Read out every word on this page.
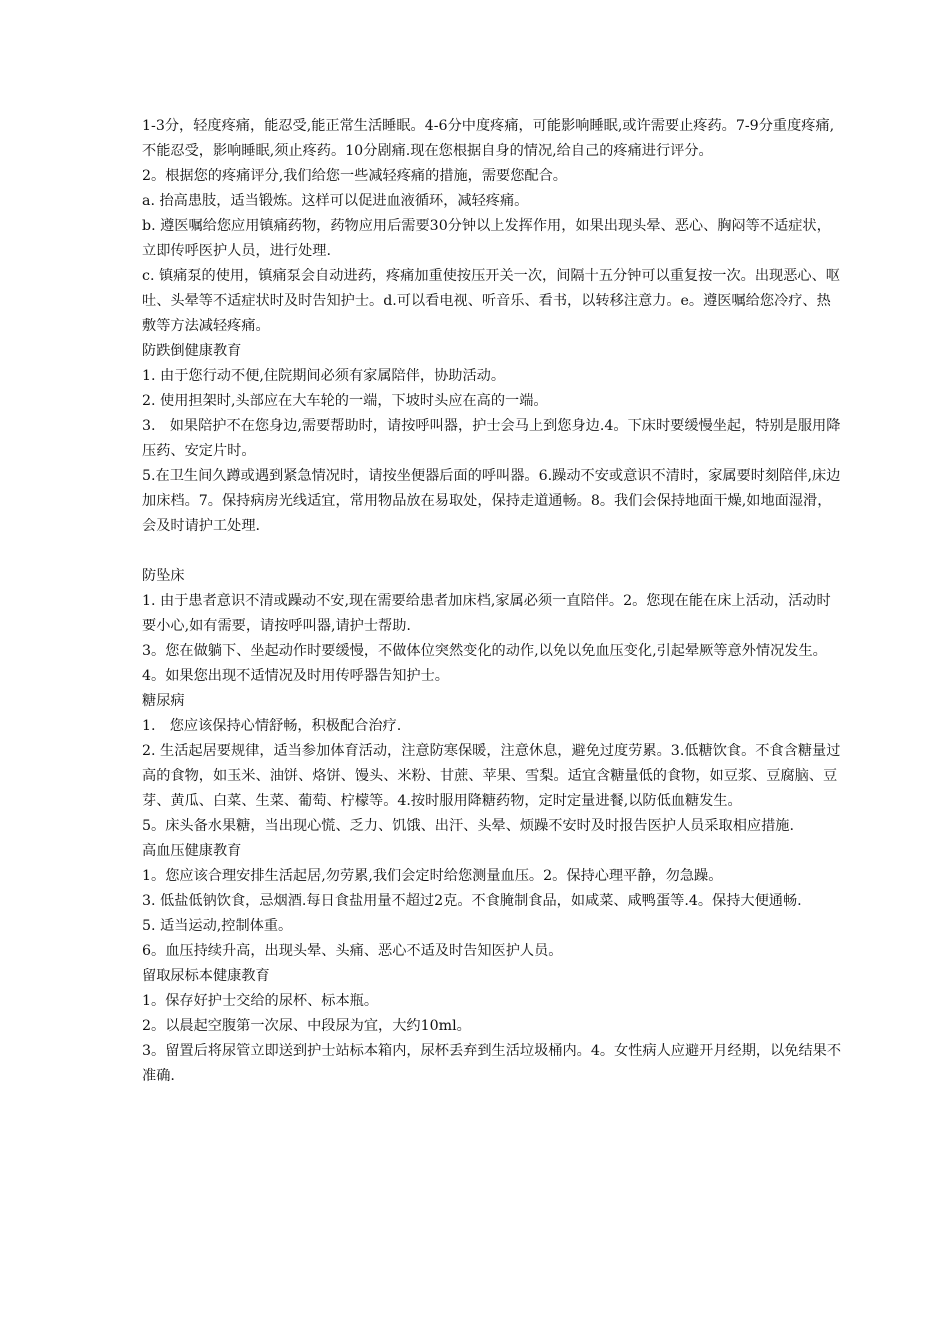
1-3分，轻度疼痛，能忍受,能正常生活睡眠。4-6分中度疼痛，可能影响睡眠,或许需要止疼药。7-9分重度疼痛,不能忍受，影响睡眠,须止疼药。10分剧痛.现在您根据自身的情况,给自己的疼痛进行评分。

2。根据您的疼痛评分,我们给您一些减轻疼痛的措施，需要您配合。

a. 抬高患肢，适当锻炼。这样可以促进血液循环，减轻疼痛。

b. 遵医嘱给您应用镇痛药物，药物应用后需要30分钟以上发挥作用，如果出现头晕、恶心、胸闷等不适症状，立即传呼医护人员，进行处理.

c. 镇痛泵的使用，镇痛泵会自动进药，疼痛加重使按压开关一次，间隔十五分钟可以重复按一次。出现恶心、呕吐、头晕等不适症状时及时告知护士。d.可以看电视、听音乐、看书，以转移注意力。e。遵医嘱给您冷疗、热敷等方法减轻疼痛。

防跌倒健康教育

1. 由于您行动不便,住院期间必须有家属陪伴，协助活动。

2. 使用担架时,头部应在大车轮的一端，下坡时头应在高的一端。

3.　如果陪护不在您身边,需要帮助时，请按呼叫器，护士会马上到您身边.4。下床时要缓慢坐起，特别是服用降压药、安定片时。

5.在卫生间久蹲或遇到紧急情况时，请按坐便器后面的呼叫器。6.躁动不安或意识不清时，家属要时刻陪伴,床边加床档。7。保持病房光线适宜，常用物品放在易取处，保持走道通畅。8。我们会保持地面干燥,如地面湿滑，会及时请护工处理.

防坠床

1. 由于患者意识不清或躁动不安,现在需要给患者加床档,家属必须一直陪伴。2。您现在能在床上活动，活动时要小心,如有需要，请按呼叫器,请护士帮助.

3。您在做躺下、坐起动作时要缓慢，不做体位突然变化的动作,以免以免血压变化,引起晕厥等意外情况发生。

4。如果您出现不适情况及时用传呼器告知护士。

糖尿病

1.　您应该保持心情舒畅，积极配合治疗.

2. 生活起居要规律，适当参加体育活动，注意防寒保暖，注意休息，避免过度劳累。3.低糖饮食。不食含糖量过高的食物，如玉米、油饼、烙饼、馒头、米粉、甘蔗、苹果、雪梨。适宜含糖量低的食物，如豆浆、豆腐脑、豆芽、黄瓜、白菜、生菜、葡萄、柠檬等。4.按时服用降糖药物，定时定量进餐,以防低血糖发生。

5。床头备水果糖，当出现心慌、乏力、饥饿、出汗、头晕、烦躁不安时及时报告医护人员采取相应措施.

高血压健康教育

1。您应该合理安排生活起居,勿劳累,我们会定时给您测量血压。2。保持心理平静，勿急躁。

3. 低盐低钠饮食，忌烟酒.每日食盐用量不超过2克。不食腌制食品，如咸菜、咸鸭蛋等.4。保持大便通畅.

5. 适当运动,控制体重。

6。血压持续升高，出现头晕、头痛、恶心不适及时告知医护人员。

留取尿标本健康教育

1。保存好护士交给的尿杯、标本瓶。

2。以晨起空腹第一次尿、中段尿为宜，大约10ml。

3。留置后将尿管立即送到护士站标本箱内，尿杯丢弃到生活垃圾桶内。4。女性病人应避开月经期，以免结果不准确.
